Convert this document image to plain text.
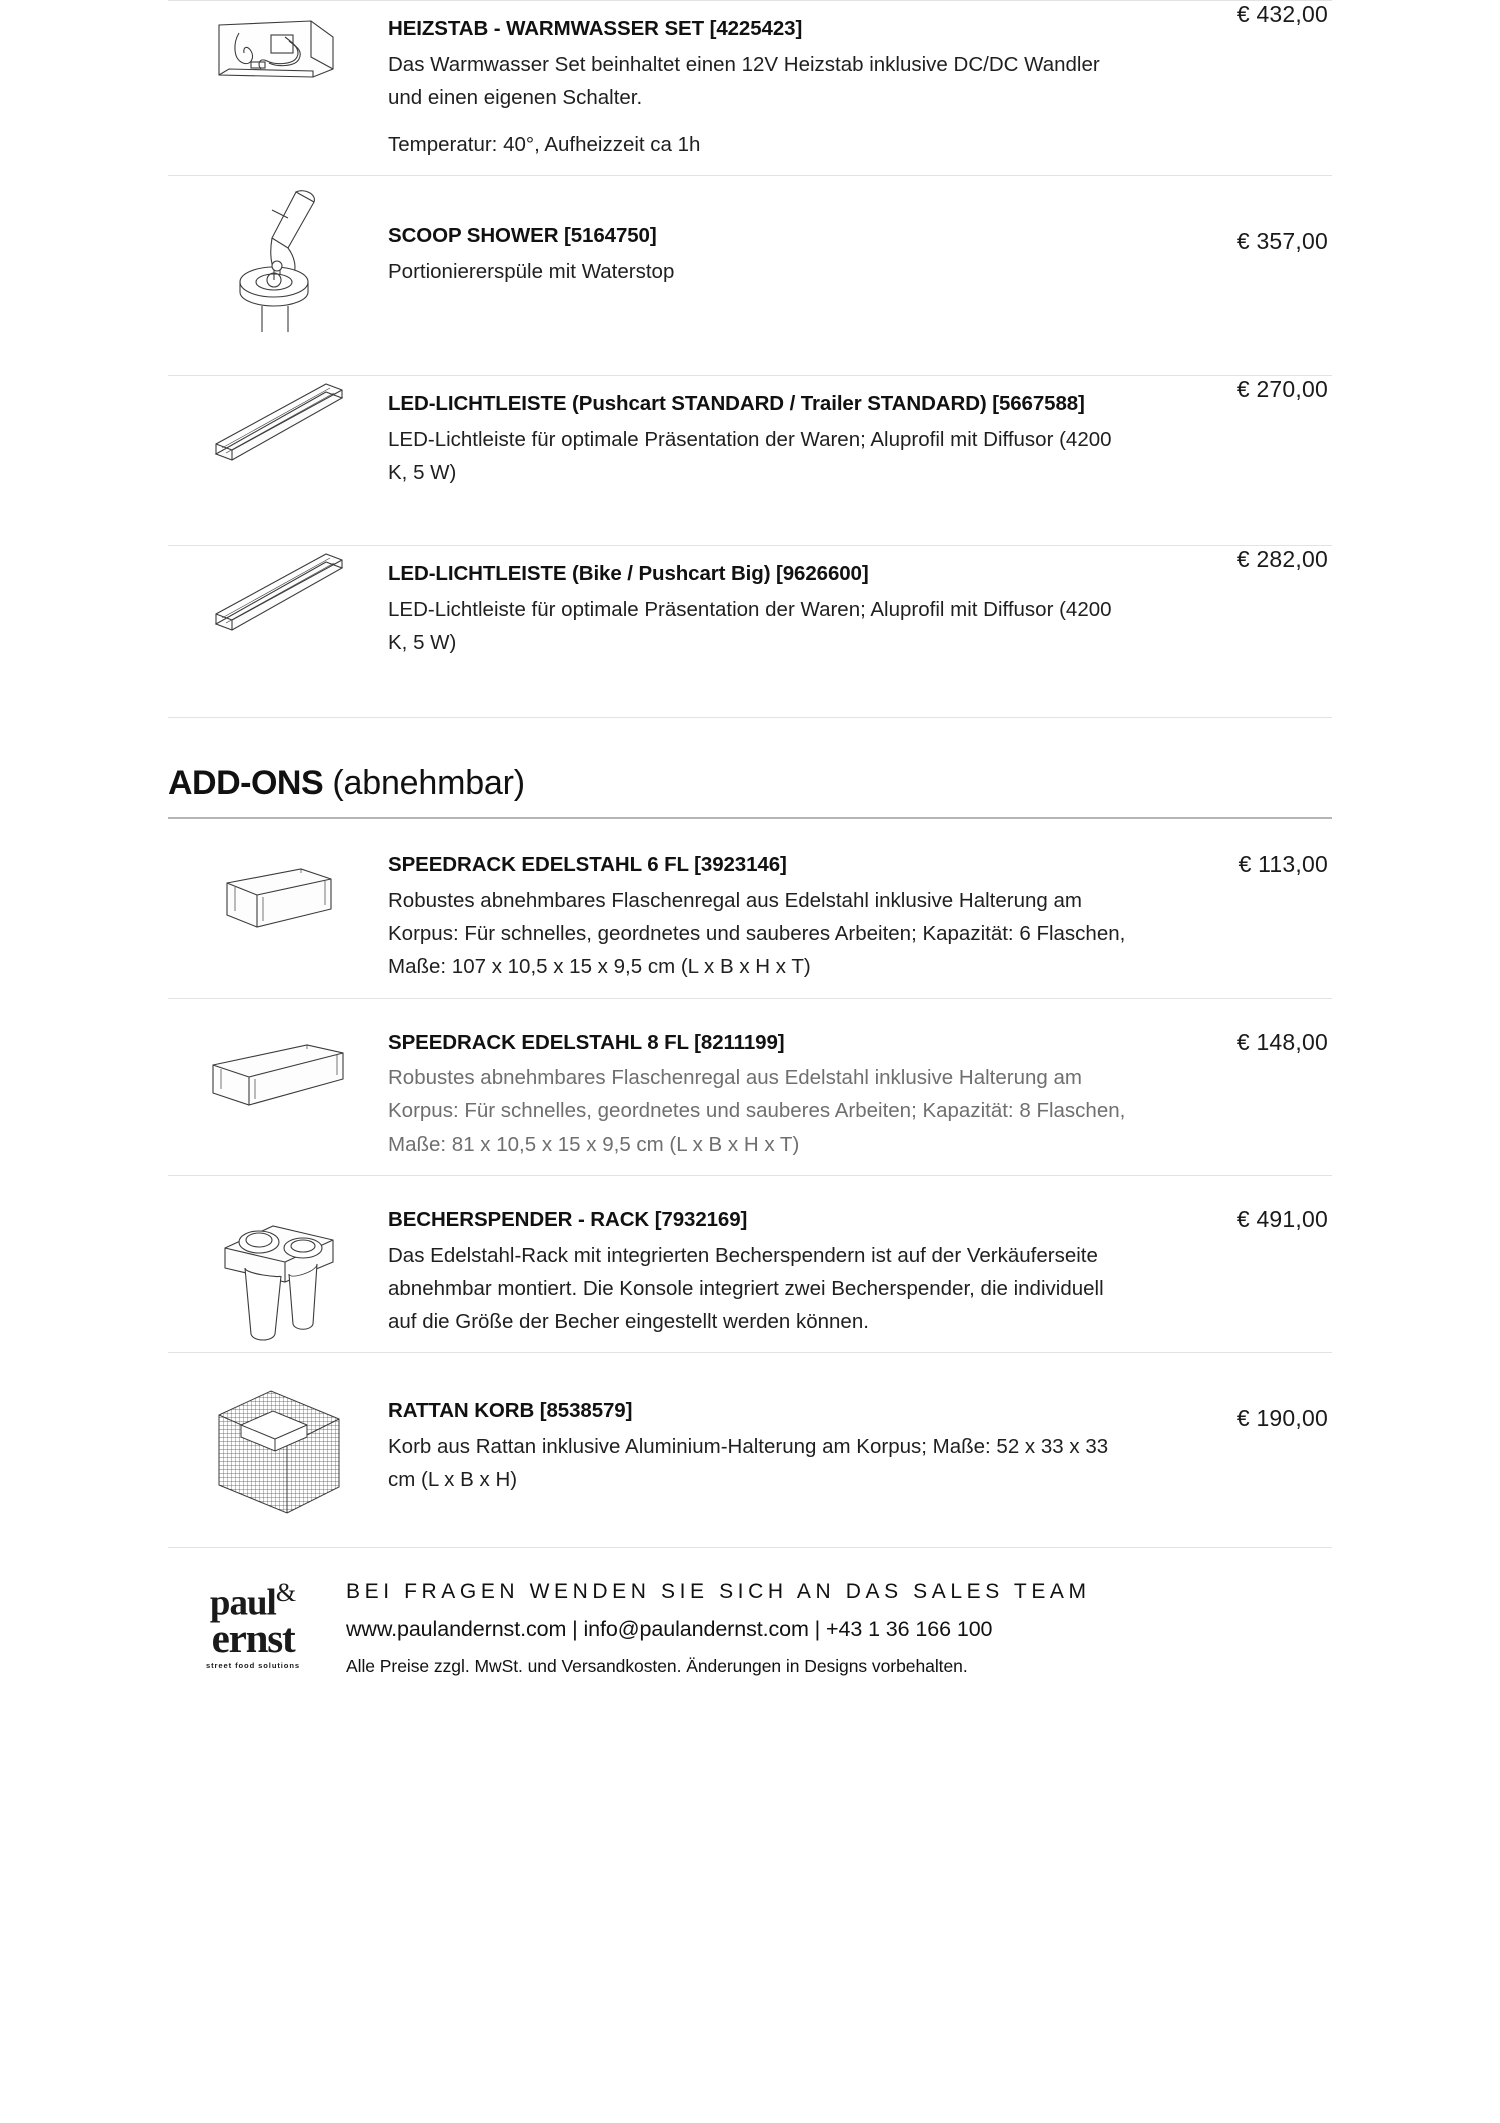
HEIZSTAB - WARMWASSER SET [4225423]
Das Warmwasser Set beinhaltet einen 12V Heizstab inklusive DC/DC Wandler und einen eigenen Schalter.
Temperatur: 40°, Aufheizzeit ca 1h
€ 432,00
SCOOP SHOWER [5164750]
Portioniererspüle mit Waterstop
€ 357,00
LED-LICHTLEISTE (Pushcart STANDARD / Trailer STANDARD) [5667588]
LED-Lichtleiste für optimale Präsentation der Waren; Aluprofil mit Diffusor (4200 K, 5 W)
€ 270,00
LED-LICHTLEISTE (Bike / Pushcart Big) [9626600]
LED-Lichtleiste für optimale Präsentation der Waren; Aluprofil mit Diffusor (4200 K, 5 W)
€ 282,00
ADD-ONS (abnehmbar)
SPEEDRACK EDELSTAHL 6 FL [3923146]
Robustes abnehmbares Flaschenregal aus Edelstahl inklusive Halterung am Korpus: Für schnelles, geordnetes und sauberes Arbeiten; Kapazität: 6 Flaschen, Maße: 107 x 10,5 x 15 x 9,5 cm (L x B x H x T)
€ 113,00
SPEEDRACK EDELSTAHL 8 FL [8211199]
Robustes abnehmbares Flaschenregal aus Edelstahl inklusive Halterung am Korpus: Für schnelles, geordnetes und sauberes Arbeiten; Kapazität: 8 Flaschen, Maße: 81 x 10,5 x 15 x 9,5 cm (L x B x H x T)
€ 148,00
BECHERSPENDER - RACK [7932169]
Das Edelstahl-Rack mit integrierten Becherspendern ist auf der Verkäuferseite abnehmbar montiert. Die Konsole integriert zwei Becherspender, die individuell auf die Größe der Becher eingestellt werden können.
€ 491,00
RATTAN KORB [8538579]
Korb aus Rattan inklusive Aluminium-Halterung am Korpus; Maße: 52 x 33 x 33 cm (L x B x H)
€ 190,00
paul&
ernst
street food solutions
BEI FRAGEN WENDEN SIE SICH AN DAS SALES TEAM
www.paulandernst.com | info@paulandernst.com | +43 1 36 166 100
Alle Preise zzgl. MwSt. und Versandkosten. Änderungen in Designs vorbehalten.
